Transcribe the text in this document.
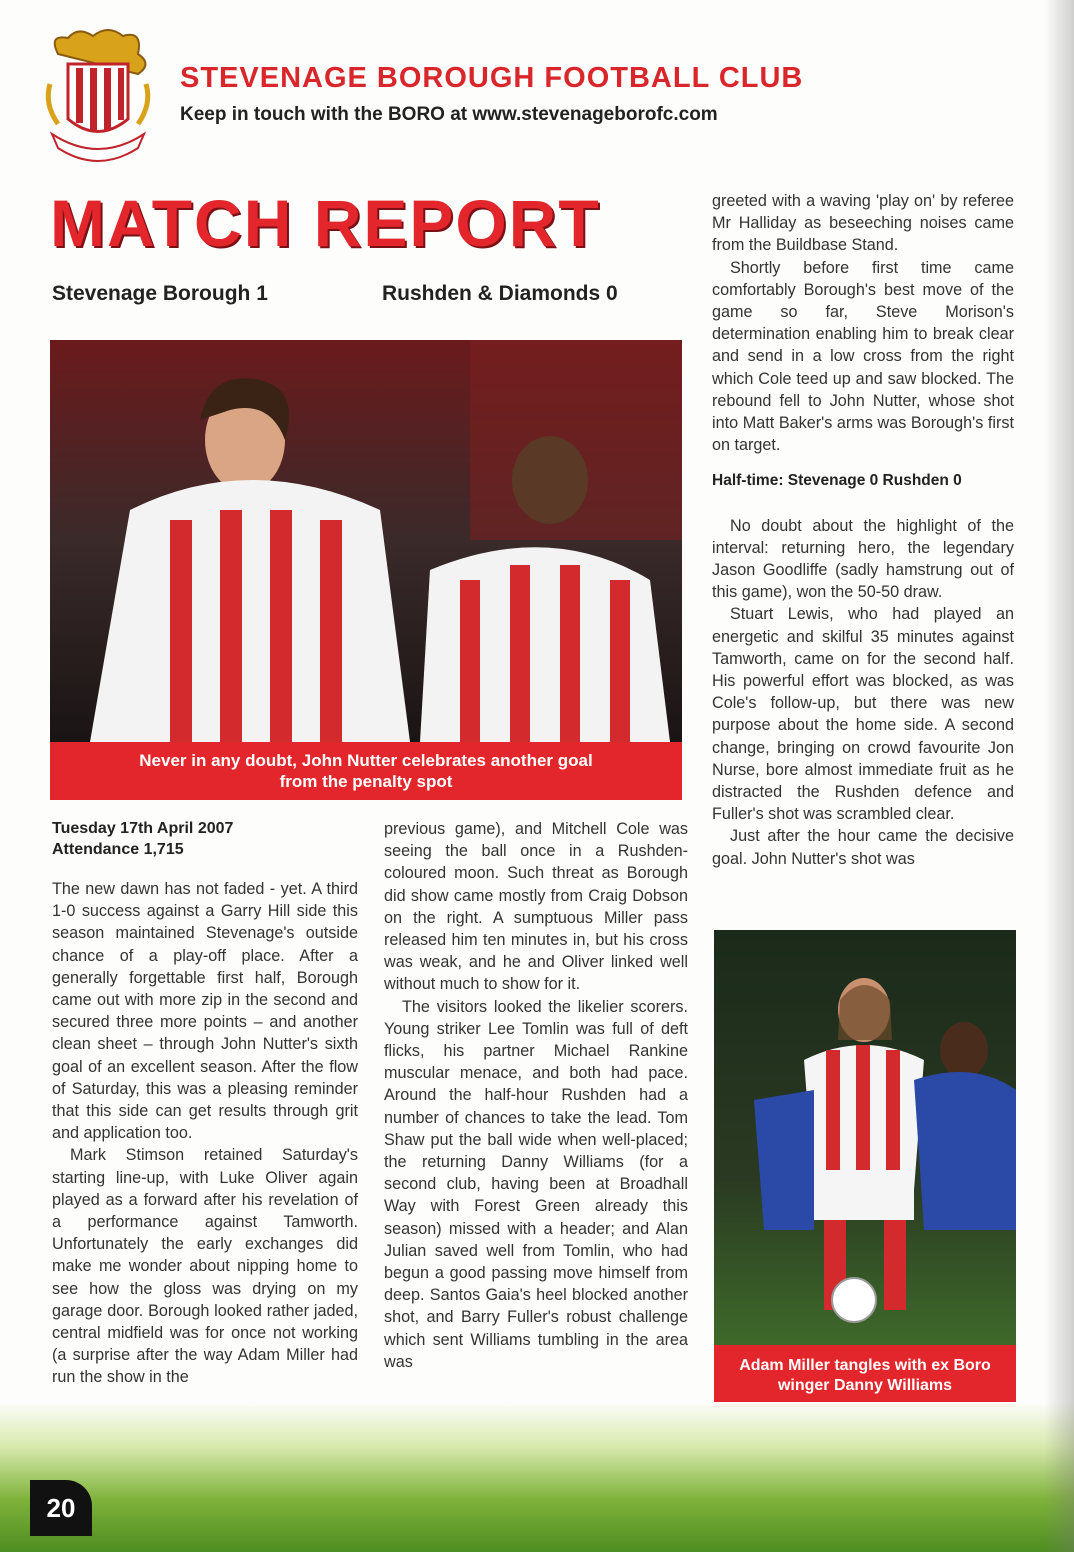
STEVENAGE BOROUGH FOOTBALL CLUB
Keep in touch with the BORO at www.stevenageborofc.com
MATCH REPORT
Stevenage Borough 1	Rushden & Diamonds 0
Never in any doubt, John Nutter celebrates another goal
from the penalty spot
Tuesday 17th April 2007
Attendance 1,715

The new dawn has not faded - yet. A third 1-0 success against a Garry Hill side this season maintained Stevenage's outside chance of a play-off place. After a generally forgettable first half, Borough came out with more zip in the second and secured three more points – and another clean sheet – through John Nutter's sixth goal of an excellent season. After the flow of Saturday, this was a pleasing reminder that this side can get results through grit and application too.

Mark Stimson retained Saturday's starting line-up, with Luke Oliver again played as a forward after his revelation of a performance against Tamworth. Unfortunately the early exchanges did make me wonder about nipping home to see how the gloss was drying on my garage door. Borough looked rather jaded, central midfield was for once not working (a surprise after the way Adam Miller had run the show in the

previous game), and Mitchell Cole was seeing the ball once in a Rushden-coloured moon. Such threat as Borough did show came mostly from Craig Dobson on the right. A sumptuous Miller pass released him ten minutes in, but his cross was weak, and he and Oliver linked well without much to show for it.

The visitors looked the likelier scorers. Young striker Lee Tomlin was full of deft flicks, his partner Michael Rankine muscular menace, and both had pace. Around the half-hour Rushden had a number of chances to take the lead. Tom Shaw put the ball wide when well-placed; the returning Danny Williams (for a second club, having been at Broadhall Way with Forest Green already this season) missed with a header; and Alan Julian saved well from Tomlin, who had begun a good passing move himself from deep. Santos Gaia's heel blocked another shot, and Barry Fuller's robust challenge which sent Williams tumbling in the area was

greeted with a waving 'play on' by referee Mr Halliday as beseeching noises came from the Buildbase Stand.

Shortly before first time came comfortably Borough's best move of the game so far, Steve Morison's determination enabling him to break clear and send in a low cross from the right which Cole teed up and saw blocked. The rebound fell to John Nutter, whose shot into Matt Baker's arms was Borough's first on target.

Half-time: Stevenage 0 Rushden 0

No doubt about the highlight of the interval: returning hero, the legendary Jason Goodliffe (sadly hamstrung out of this game), won the 50-50 draw.

Stuart Lewis, who had played an energetic and skilful 35 minutes against Tamworth, came on for the second half. His powerful effort was blocked, as was Cole's follow-up, but there was new purpose about the home side. A second change, bringing on crowd favourite Jon Nurse, bore almost immediate fruit as he distracted the Rushden defence and Fuller's shot was scrambled clear.

Just after the hour came the decisive goal. John Nutter's shot was

Adam Miller tangles with ex Boro
winger Danny Williams
20
